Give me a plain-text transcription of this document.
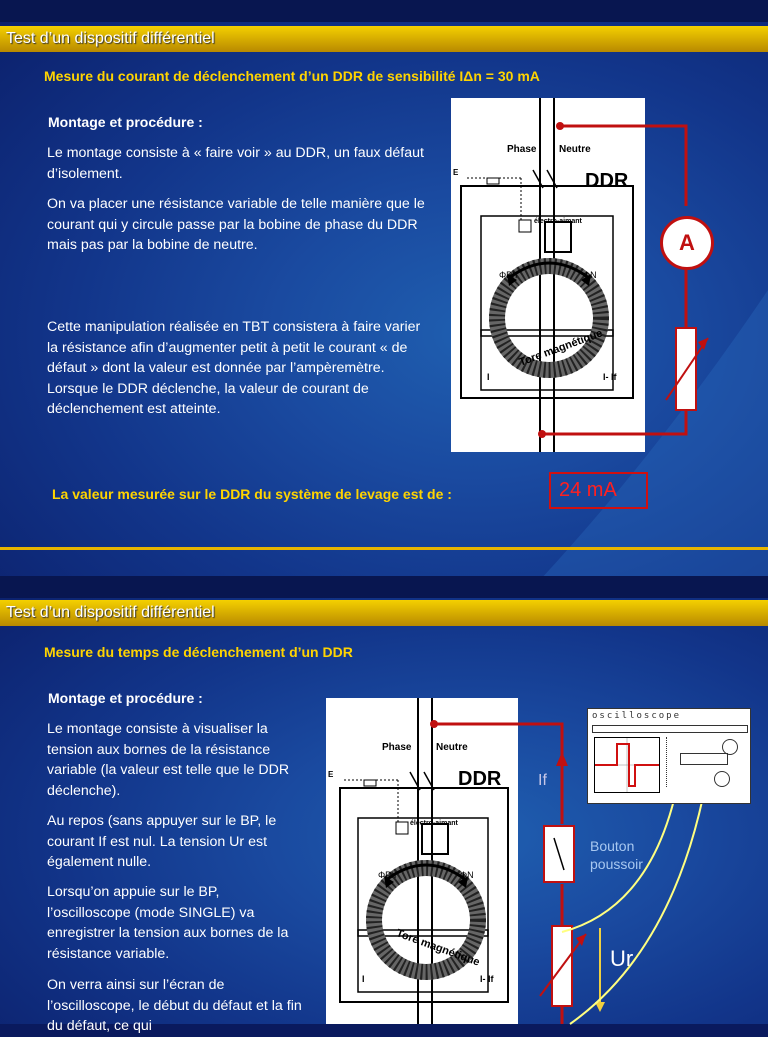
Test d’un dispositif différentiel
Mesure du courant de déclenchement d’un DDR de sensibilité IΔn = 30 mA
Montage et procédure :

Le montage consiste à « faire voir » au DDR, un faux défaut d’isolement.

On va placer une résistance variable de telle manière que le courant qui y circule passe par la bobine de phase du DDR mais pas par la bobine de neutre.

Cette manipulation réalisée en TBT consistera à faire varier la résistance afin d’augmenter petit à petit le courant « de défaut » dont la valeur est donnée par l’ampèremètre. Lorsque le DDR déclenche, la valeur de courant de déclenchement est atteinte.

Phase Neutre
DDR
électro-aimant
ΦPh	ΦN
Tore magnétique
I	I- If
E
A
La valeur mesurée sur le DDR du système de levage est de :	24 mA
Test d’un dispositif différentiel
Mesure du temps de déclenchement d’un DDR
Montage et procédure :

Le montage consiste à visualiser la tension aux bornes de la résistance variable (la valeur est telle que le DDR déclenche).

Au repos (sans appuyer sur le BP, le courant If est nul. La tension Ur est également nulle.

Lorsqu’on appuie sur le BP, l’oscilloscope (mode SINGLE) va enregistrer la tension aux bornes de la résistance variable.

On verra ainsi sur l’écran de l’oscilloscope, le début du défaut et la fin du défaut, ce qui

Phase Neutre
DDR
électro-aimant
ΦPh	ΦN
Tore magnétique
I	I- If
E	If
Bouton
poussoir
Ur
oscilloscope
